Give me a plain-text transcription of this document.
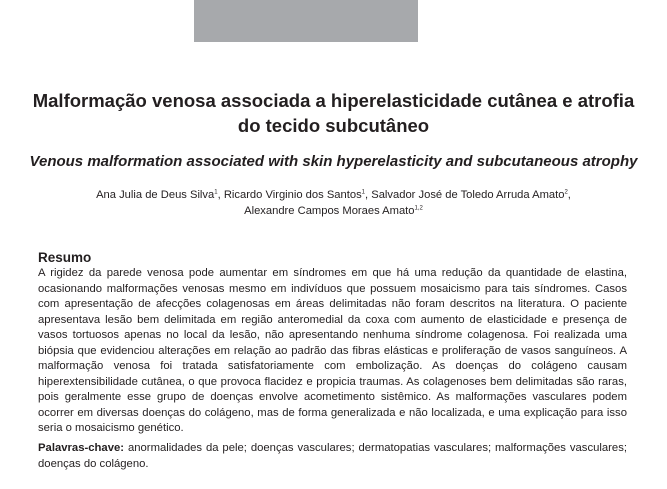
Malformação venosa associada a hiperelasticidade cutânea e atrofia do tecido subcutâneo
Venous malformation associated with skin hyperelasticity and subcutaneous atrophy
Ana Julia de Deus Silva$^1$, Ricardo Virginio dos Santos$^1$, Salvador José de Toledo Arruda Amato$^2$,
Alexandre Campos Moraes Amato$^{1,2}$
Resumo
A rigidez da parede venosa pode aumentar em síndromes em que há uma redução da quantidade de elastina, ocasionando malformações venosas mesmo em indivíduos que possuem mosaicismo para tais síndromes. Casos com apresentação de afecções colagenosas em áreas delimitadas não foram descritos na literatura. O paciente apresentava lesão bem delimitada em região anteromedial da coxa com aumento de elasticidade e presença de vasos tortuosos apenas no local da lesão, não apresentando nenhuma síndrome colagenosa. Foi realizada uma biópsia que evidenciou alterações em relação ao padrão das fibras elásticas e proliferação de vasos sanguíneos. A malformação venosa foi tratada satisfatoriamente com embolização. As doenças do colágeno causam hiperextensibilidade cutânea, o que provoca flacidez e propicia traumas. As colagenoses bem delimitadas são raras, pois geralmente esse grupo de doenças envolve acometimento sistêmico. As malformações vasculares podem ocorrer em diversas doenças do colágeno, mas de forma generalizada e não localizada, e uma explicação para isso seria o mosaicismo genético.
Palavras-chave: anormalidades da pele; doenças vasculares; dermatopatias vasculares; malformações vasculares; doenças do colágeno.
